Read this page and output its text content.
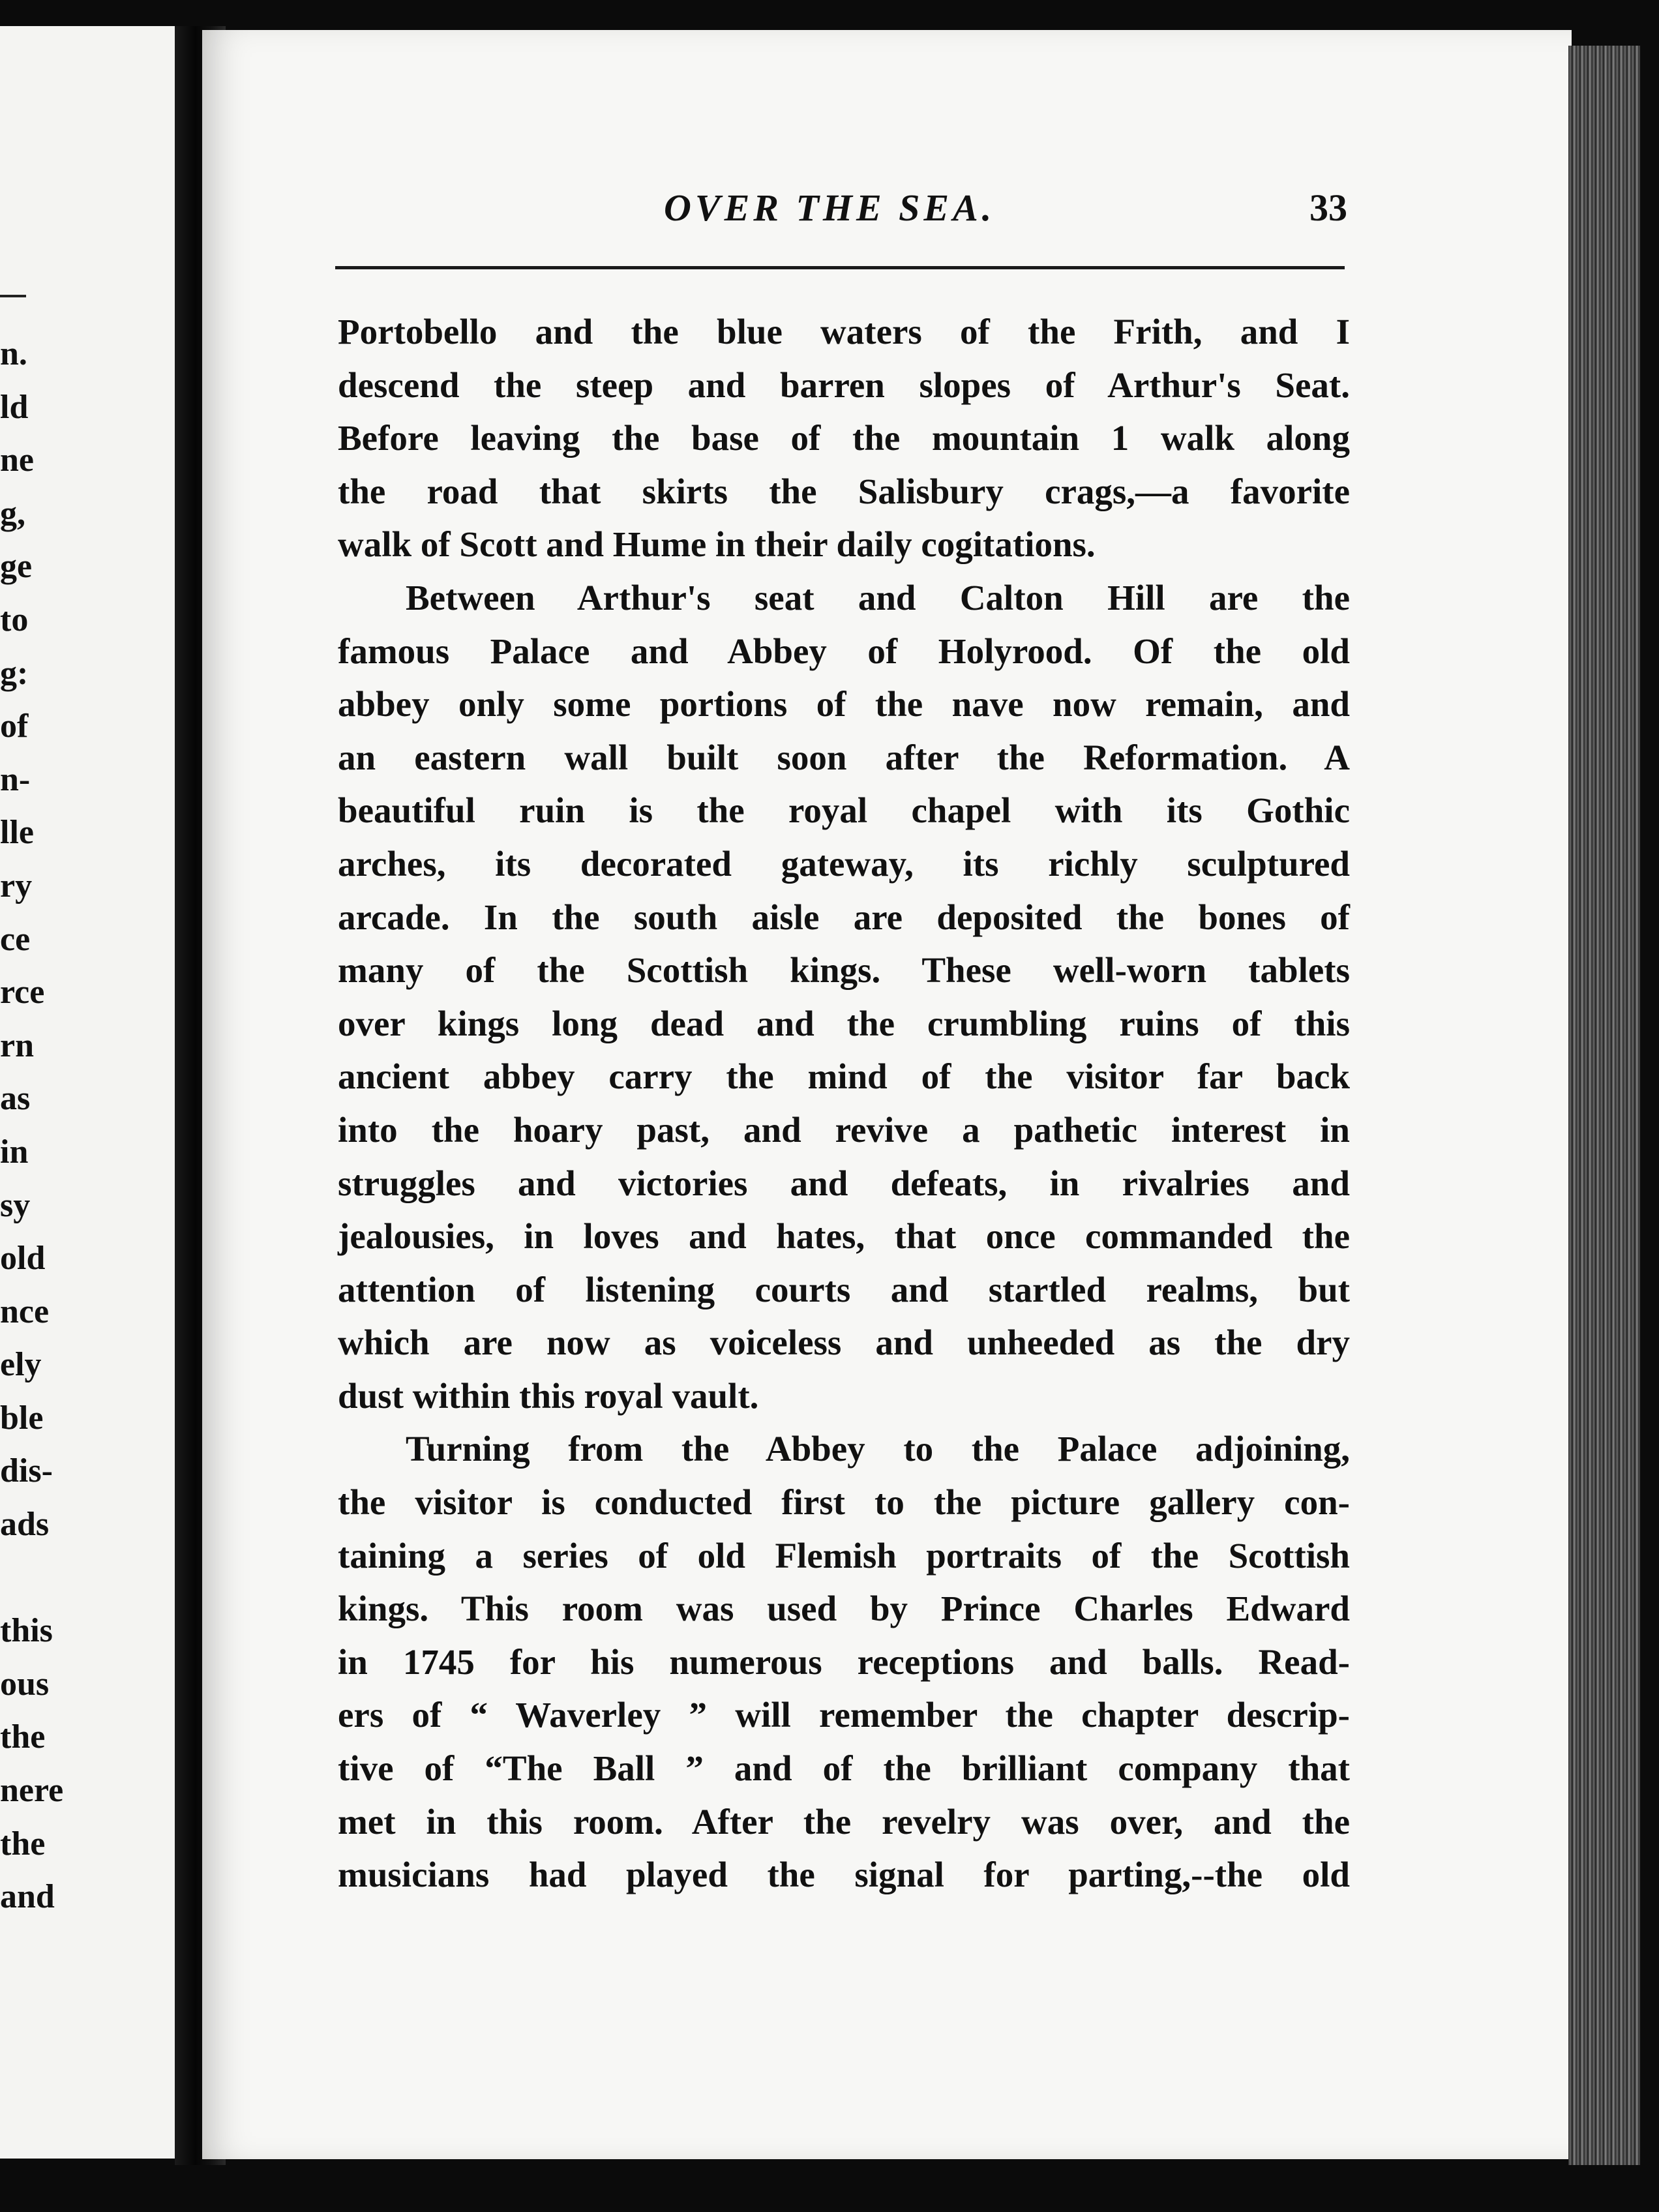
n.
ld
ne
g,
ge
to
g:
of
n-
lle
ry
ce
rce
rn
as
in
sy
old
nce
ely
ble
dis-
ads
this
ous
the
nere
the
and
OVER THE SEA.	33

Portobello and the blue waters of the Frith, and I
descend the steep and barren slopes of Arthur's Seat.
Before leaving the base of the mountain 1 walk along
the road that skirts the Salisbury crags,—a favorite
walk of Scott and Hume in their daily cogitations.
Between Arthur's seat and Calton Hill are the
famous Palace and Abbey of Holyrood. Of the old
abbey only some portions of the nave now remain, and
an eastern wall built soon after the Reformation. A
beautiful ruin is the royal chapel with its Gothic
arches, its decorated gateway, its richly sculptured
arcade. In the south aisle are deposited the bones of
many of the Scottish kings. These well-worn tablets
over kings long dead and the crumbling ruins of this
ancient abbey carry the mind of the visitor far back
into the hoary past, and revive a pathetic interest in
struggles and victories and defeats, in rivalries and
jealousies, in loves and hates, that once commanded the
attention of listening courts and startled realms, but
which are now as voiceless and unheeded as the dry
dust within this royal vault.
Turning from the Abbey to the Palace adjoining,
the visitor is conducted first to the picture gallery con-
taining a series of old Flemish portraits of the Scottish
kings. This room was used by Prince Charles Edward
in 1745 for his numerous receptions and balls. Read-
ers of “ Waverley ” will remember the chapter descrip-
tive of “The Ball ” and of the brilliant company that
met in this room. After the revelry was over, and the
musicians had played the signal for parting,--the old
